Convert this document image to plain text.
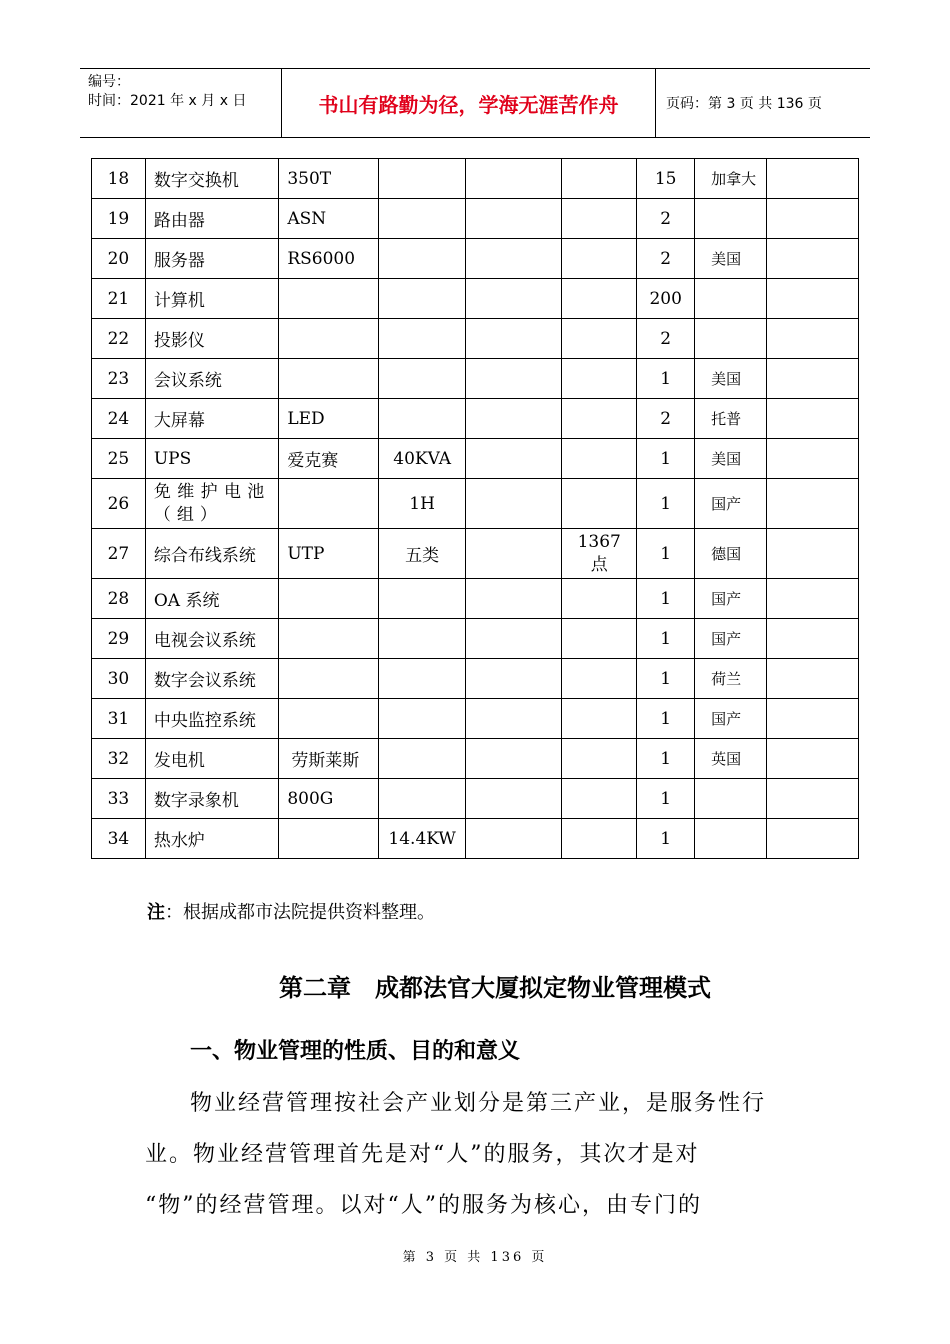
编号：
时间：2021 年 x 月 x 日	书山有路勤为径，学海无涯苦作舟	页码：第 3 页 共 136 页
18	数字交换机	350T				15	加拿大	
19	路由器	ASN				2		
20	服务器	RS6000				2	美国	
21	计算机					200		
22	投影仪					2		
23	会议系统					1	美国	
24	大屏幕	LED				2	托普	
25	UPS	爱克赛	40KVA			1	美国	
26	免维护电池（组）		1H			1	国产	
27	综合布线系统	UTP	五类		1367点	1	德国	
28	OA 系统					1	国产	
29	电视会议系统					1	国产	
30	数字会议系统					1	荷兰	
31	中央监控系统					1	国产	
32	发电机	劳斯莱斯				1	英国	
33	数字录象机	800G				1		
34	热水炉		14.4KW			1		
注：根据成都市法院提供资料整理。
第二章　成都法官大厦拟定物业管理模式
一、物业管理的性质、目的和意义
物业经营管理按社会产业划分是第三产业，是服务性行
业。物业经营管理首先是对“人”的服务，其次才是对
“物”的经营管理。以对“人”的服务为核心，由专门的
第 3 页 共 136 页
